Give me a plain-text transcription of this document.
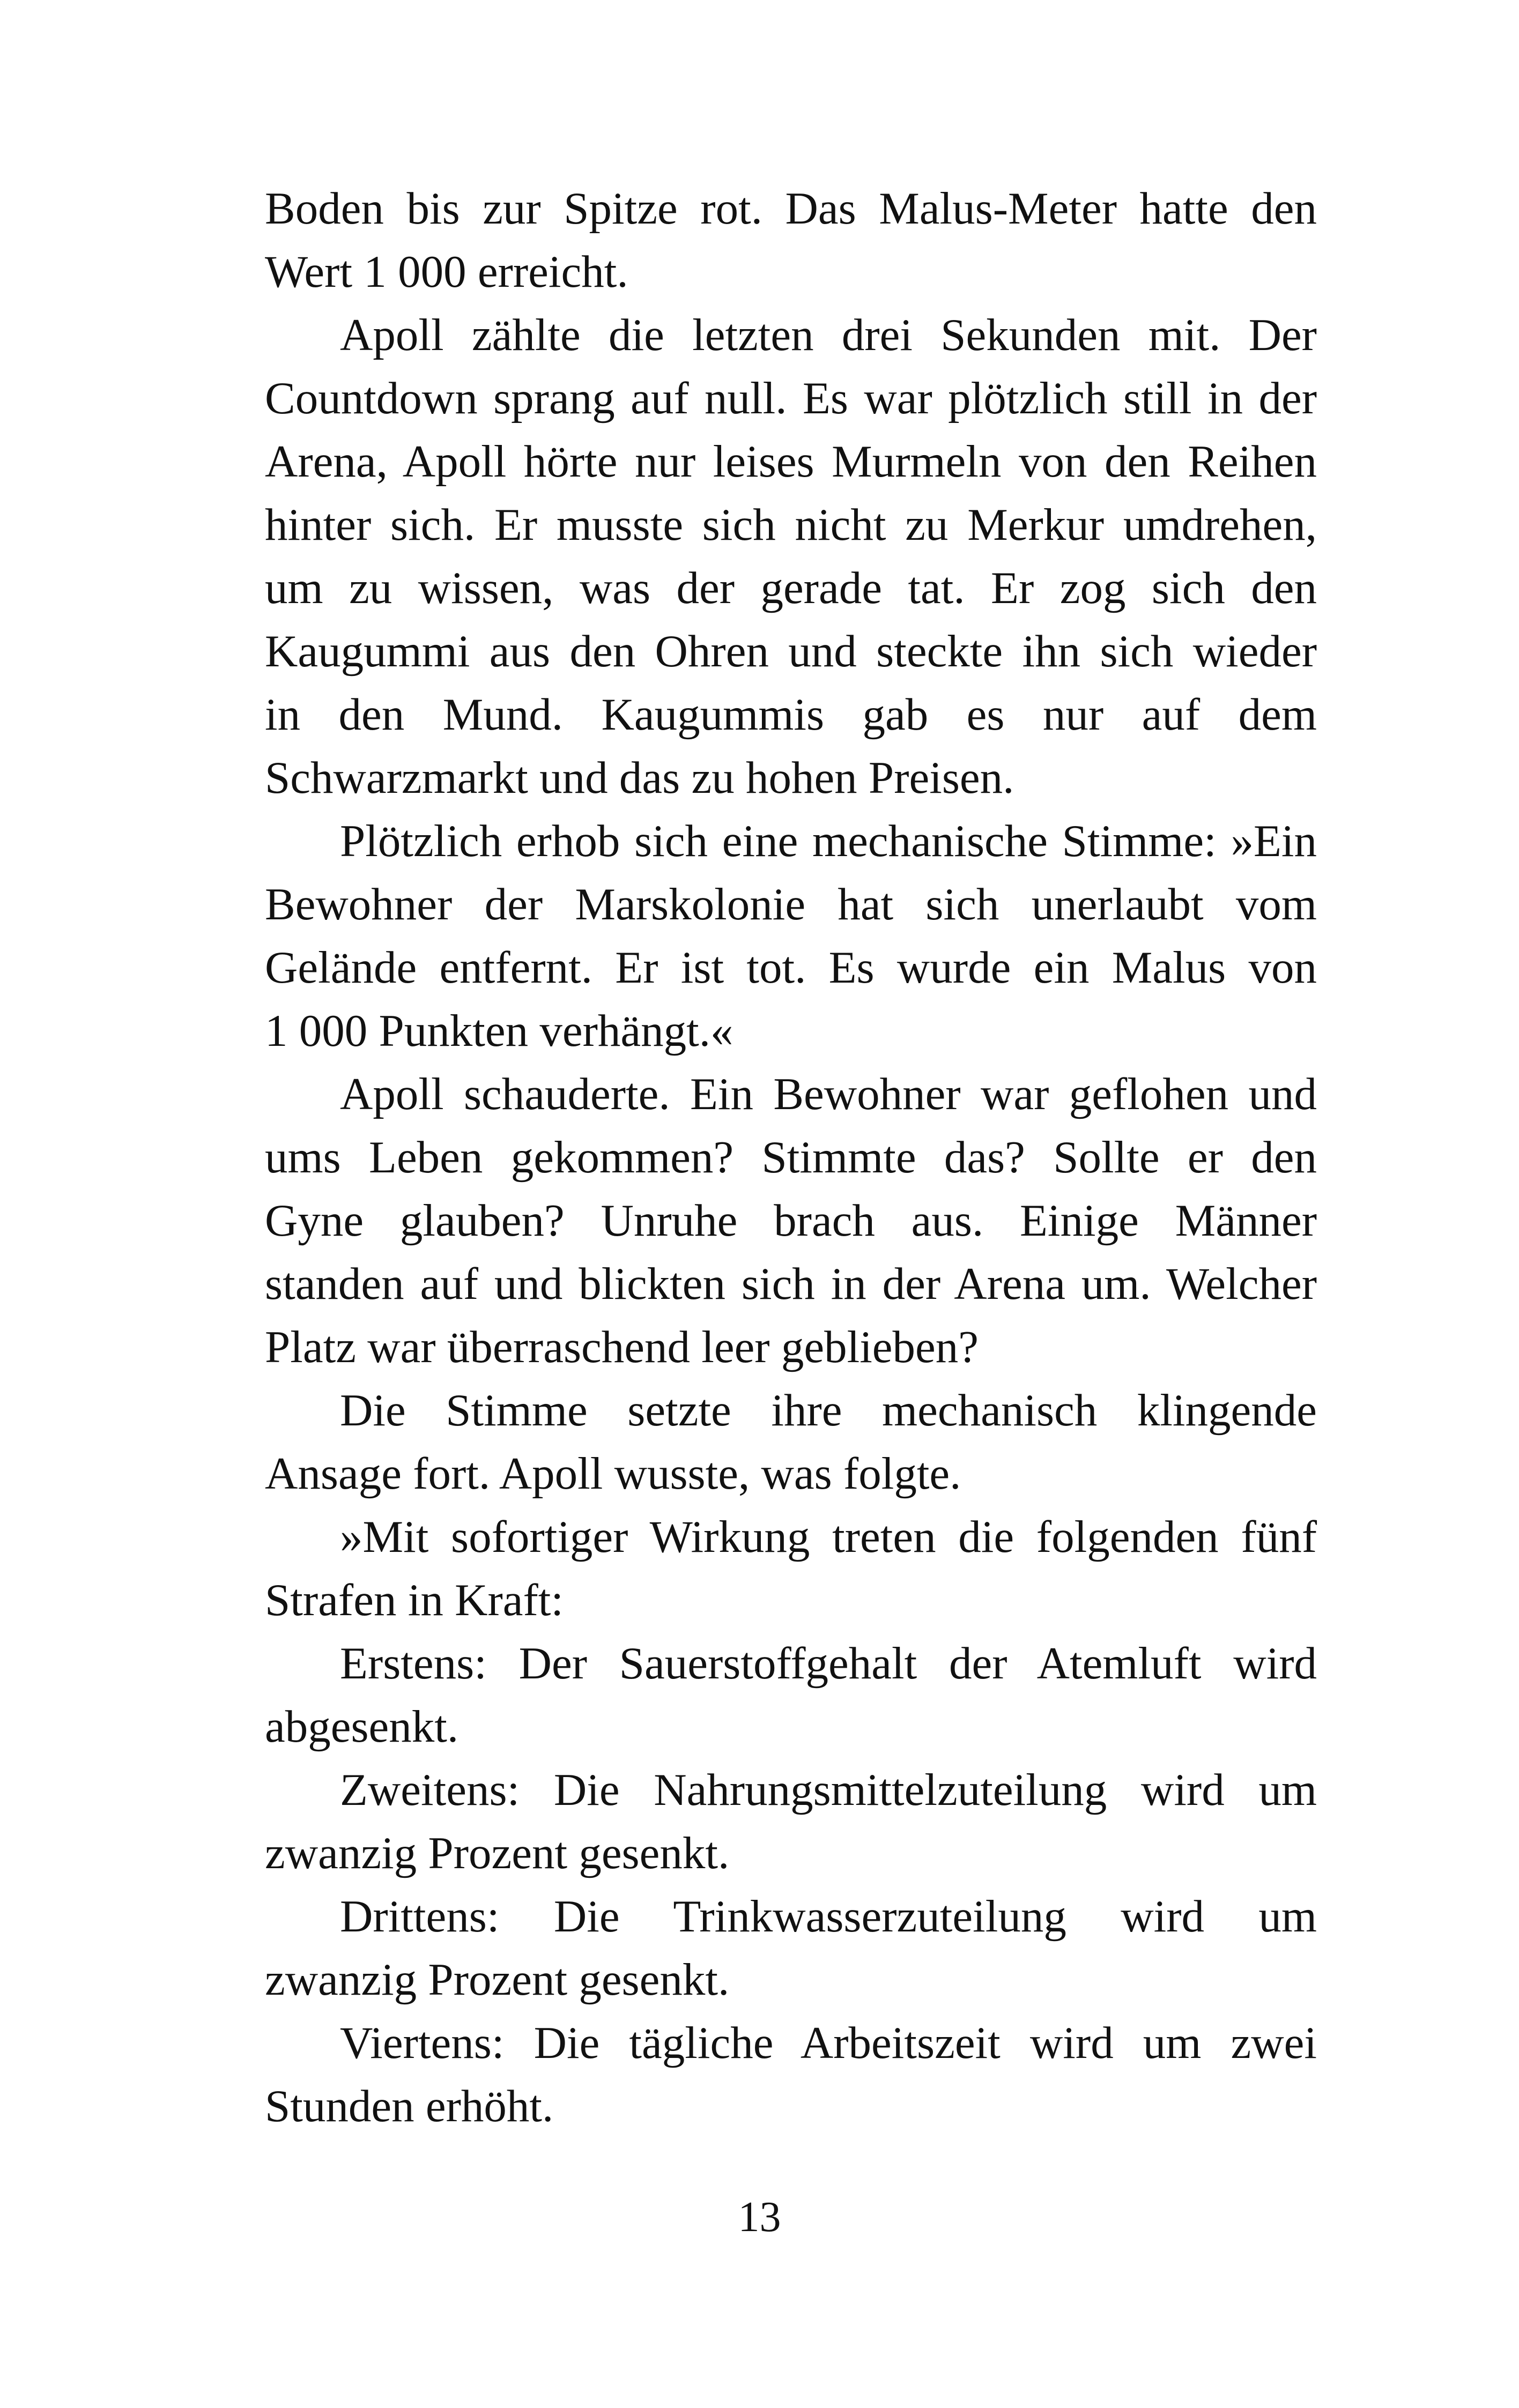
Boden bis zur Spitze rot. Das Malus-Meter hatte den
Wert 1 000 erreicht.
Apoll zählte die letzten drei Sekunden mit. Der
Countdown sprang auf null. Es war plötzlich still in der
Arena, Apoll hörte nur leises Murmeln von den Reihen
hinter sich. Er musste sich nicht zu Merkur umdrehen,
um zu wissen, was der gerade tat. Er zog sich den
Kaugummi aus den Ohren und steckte ihn sich wieder
in den Mund. Kaugummis gab es nur auf dem
Schwarzmarkt und das zu hohen Preisen.
Plötzlich erhob sich eine mechanische Stimme: »Ein
Bewohner der Marskolonie hat sich unerlaubt vom
Gelände entfernt. Er ist tot. Es wurde ein Malus von
1 000 Punkten verhängt.«
Apoll schauderte. Ein Bewohner war geflohen und
ums Leben gekommen? Stimmte das? Sollte er den
Gyne glauben? Unruhe brach aus. Einige Männer
standen auf und blickten sich in der Arena um. Welcher
Platz war überraschend leer geblieben?
Die Stimme setzte ihre mechanisch klingende
Ansage fort. Apoll wusste, was folgte.
»Mit sofortiger Wirkung treten die folgenden fünf
Strafen in Kraft:
Erstens: Der Sauerstoffgehalt der Atemluft wird
abgesenkt.
Zweitens: Die Nahrungsmittelzuteilung wird um
zwanzig Prozent gesenkt.
Drittens: Die Trinkwasserzuteilung wird um
zwanzig Prozent gesenkt.
Viertens: Die tägliche Arbeitszeit wird um zwei
Stunden erhöht.
13
